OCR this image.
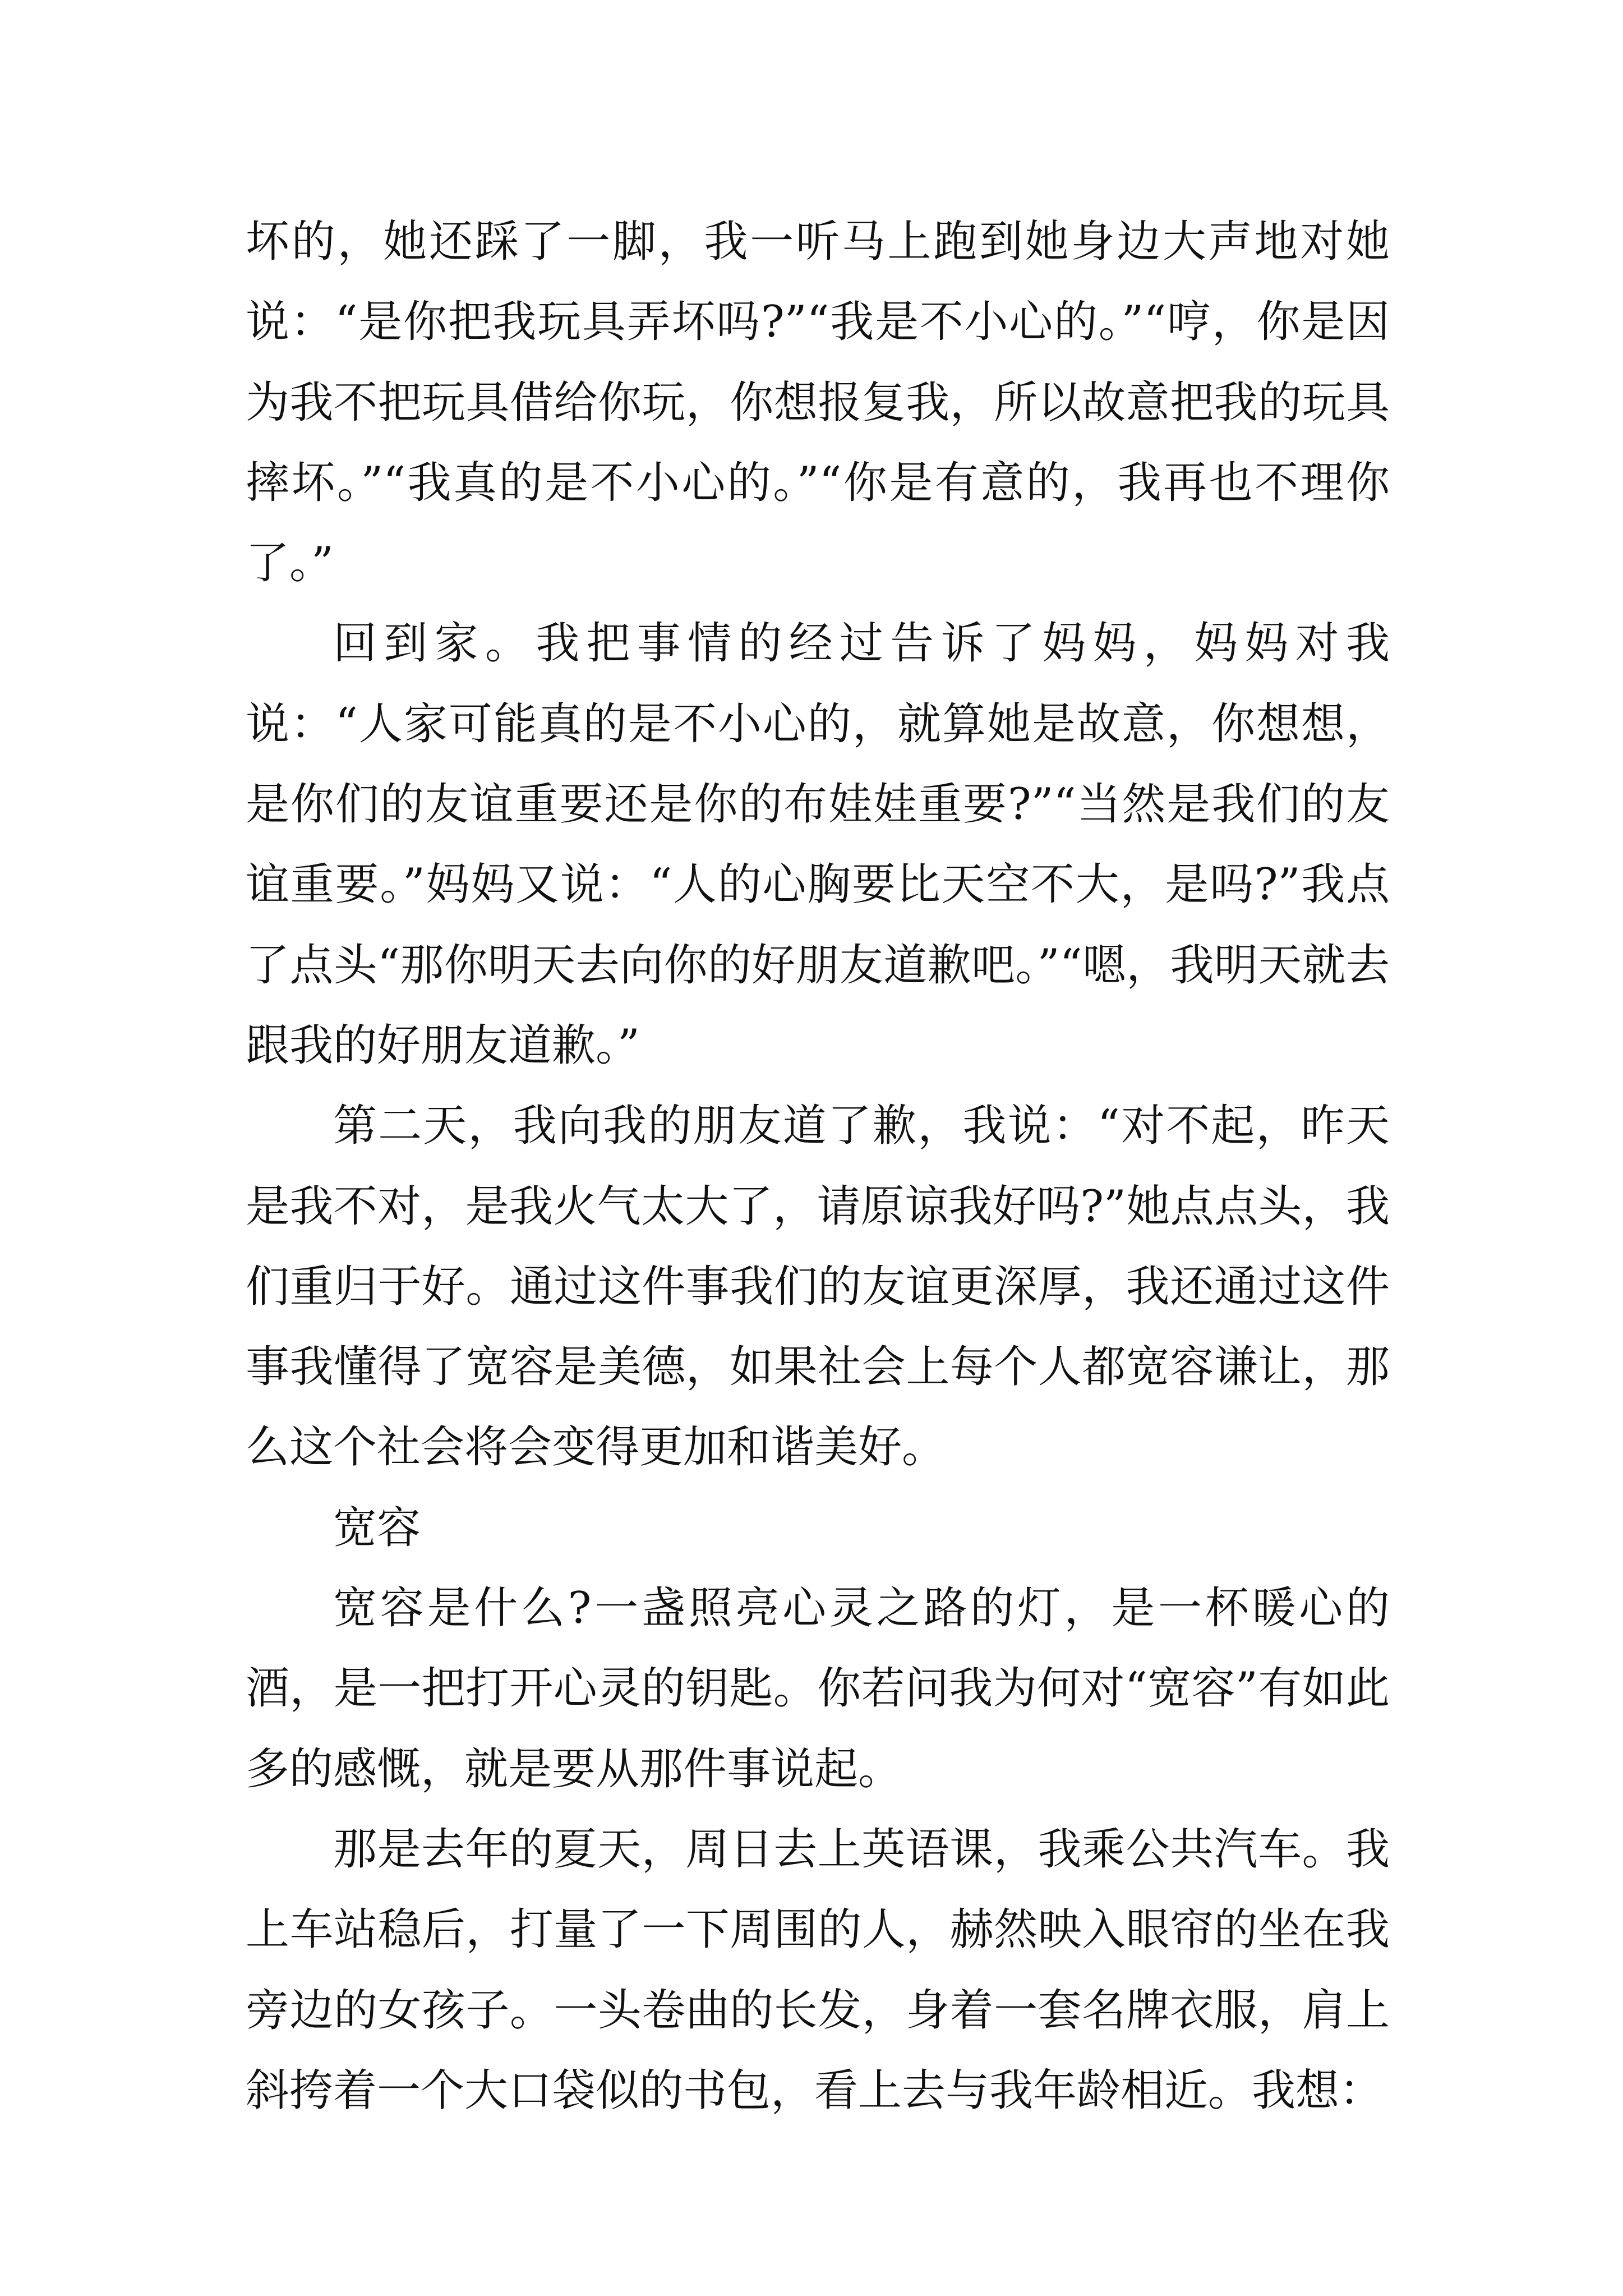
坏的，她还踩了一脚，我一听马上跑到她身边大声地对她说：“是你把我玩具弄坏吗?”“我是不小心的。”“哼，你是因为我不把玩具借给你玩，你想报复我，所以故意把我的玩具摔坏。”“我真的是不小心的。”“你是有意的，我再也不理你了。”

回到家。我把事情的经过告诉了妈妈，妈妈对我说：“人家可能真的是不小心的，就算她是故意，你想想，是你们的友谊重要还是你的布娃娃重要?”“当然是我们的友谊重要。”妈妈又说：“人的心胸要比天空不大，是吗?”我点了点头“那你明天去向你的好朋友道歉吧。”“嗯，我明天就去跟我的好朋友道歉。”

第二天，我向我的朋友道了歉，我说：“对不起，昨天是我不对，是我火气太大了，请原谅我好吗?”她点点头，我们重归于好。通过这件事我们的友谊更深厚，我还通过这件事我懂得了宽容是美德，如果社会上每个人都宽容谦让，那么这个社会将会变得更加和谐美好。

宽容

宽容是什么?一盏照亮心灵之路的灯，是一杯暖心的酒，是一把打开心灵的钥匙。你若问我为何对“宽容”有如此多的感慨，就是要从那件事说起。

那是去年的夏天，周日去上英语课，我乘公共汽车。我上车站稳后，打量了一下周围的人，赫然映入眼帘的坐在我旁边的女孩子。一头卷曲的长发，身着一套名牌衣服，肩上斜挎着一个大口袋似的书包，看上去与我年龄相近。我想：
